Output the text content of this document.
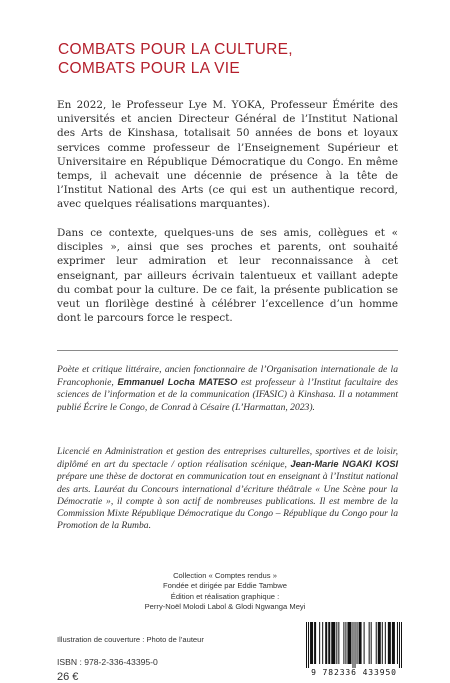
COMBATS POUR LA CULTURE,
COMBATS POUR LA VIE

En 2022, le Professeur Lye M. YOKA, Professeur Émérite des universités et ancien Directeur Général de l’Institut National des Arts de Kinshasa, totalisait 50 années de bons et loyaux services comme professeur de l’Enseignement Supérieur et Universitaire en République Démocratique du Congo. En même temps, il achevait une décennie de présence à la tête de l’Institut National des Arts (ce qui est un authentique record, avec quelques réalisations marquantes).

Dans ce contexte, quelques-uns de ses amis, collègues et « disciples », ainsi que ses proches et parents, ont souhaité exprimer leur admiration et leur reconnaissance à cet enseignant, par ailleurs écrivain talentueux et vaillant adepte du combat pour la culture. De ce fait, la présente publication se veut un florilège destiné à célébrer l’excellence d’un homme dont le parcours force le respect.

Poète et critique littéraire, ancien fonctionnaire de l’Organisation internationale de la Francophonie, Emmanuel Locha MATESO est professeur à l’Institut facultaire des sciences de l’information et de la communication (IFASIC) à Kinshasa. Il a notamment publié Écrire le Congo, de Conrad à Césaire (L’Harmattan, 2023).
Licencié en Administration et gestion des entreprises culturelles, sportives et de loisir, diplômé en art du spectacle / option réalisation scénique, Jean-Marie NGAKI KOSI prépare une thèse de doctorat en communication tout en enseignant à l’Institut national des arts. Lauréat du Concours international d’écriture théâtrale « Une Scène pour la Démocratie », il compte à son actif de nombreuses publications. Il est membre de la Commission Mixte République Démocratique du Congo – République du Congo pour la Promotion de la Rumba.
Collection « Comptes rendus »
Fondée et dirigée par Eddie Tambwe
Édition et réalisation graphique :
Perry-Noël Molodi Labol & Glodi Ngwanga Meyi
Illustration de couverture : Photo de l’auteur
ISBN : 978-2-336-43395-0
26 €	9 782336 433950
